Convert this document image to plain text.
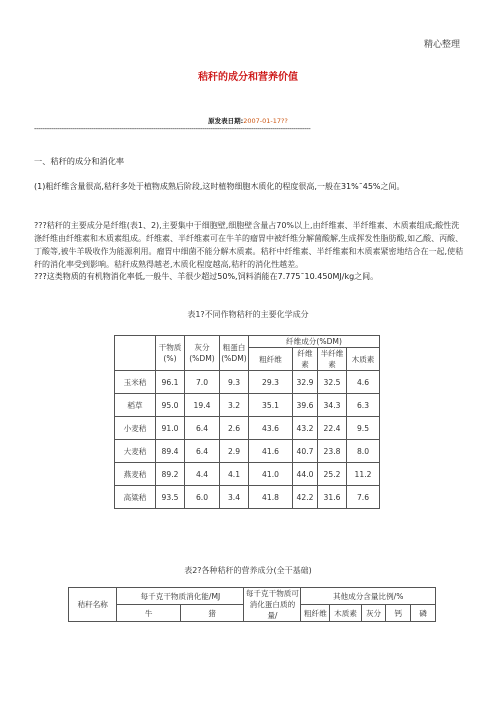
精心整理
秸秆的成分和营养价值
原发表日期:2007-01-17??
----------------------------------------------------------------------------------------------------------------------------------
一、秸秆的成分和消化率
(1)粗纤维含量很高,秸秆多处于植物成熟后阶段,这时植物细胞木质化的程度很高,一般在31%¯45%之间。
???秸秆的主要成分是纤维(表1、2),主要集中于细胞壁,细胞壁含量占70%以上,由纤维素、半纤维素、木质素组成;酸性洗涤纤维由纤维素和木质素组成。纤维素、半纤维素可在牛羊的瘤胃中被纤维分解菌酸解,生成挥发性脂肪酸,如乙酸、丙酸、丁酸等,被牛羊吸收作为能源利用。瘤胃中细菌不能分解木质素。秸秆中纤维素、半纤维素和木质素紧密地结合在一起,使秸秆的消化率受到影响。秸秆成熟得越老,木质化程度越高,秸秆的消化性越差。
???这类物质的有机物消化率低,一般牛、羊很少超过50%,饲料消能在7.775¯10.450MJ/kg之间。
表1?不同作物秸秆的主要化学成分
	干物质(%)	灰分(%DM)	粗蛋白(%DM)	纤维成分(%DM)			
				粗纤维	纤维素	半纤维素	木质素
玉米秸	96.1	7.0	9.3	29.3	32.9	32.5	4.6
稻草	95.0	19.4	3.2	35.1	39.6	34.3	6.3
小麦秸	91.0	6.4	2.6	43.6	43.2	22.4	9.5
大麦秸	89.4	6.4	2.9	41.6	40.7	23.8	8.0
燕麦秸	89.2	4.4	4.1	41.0	44.0	25.2	11.2
高粱秸	93.5	6.0	3.4	41.8	42.2	31.6	7.6
表2?各种秸秆的营养成分(全干基础)
秸秆名称	每千克干物质消化能/MJ		每千克干物质可消化蛋白质的量/	其他成分含量比例/%				
	牛	猪		粗纤维	木质素	灰分	钙	磷
